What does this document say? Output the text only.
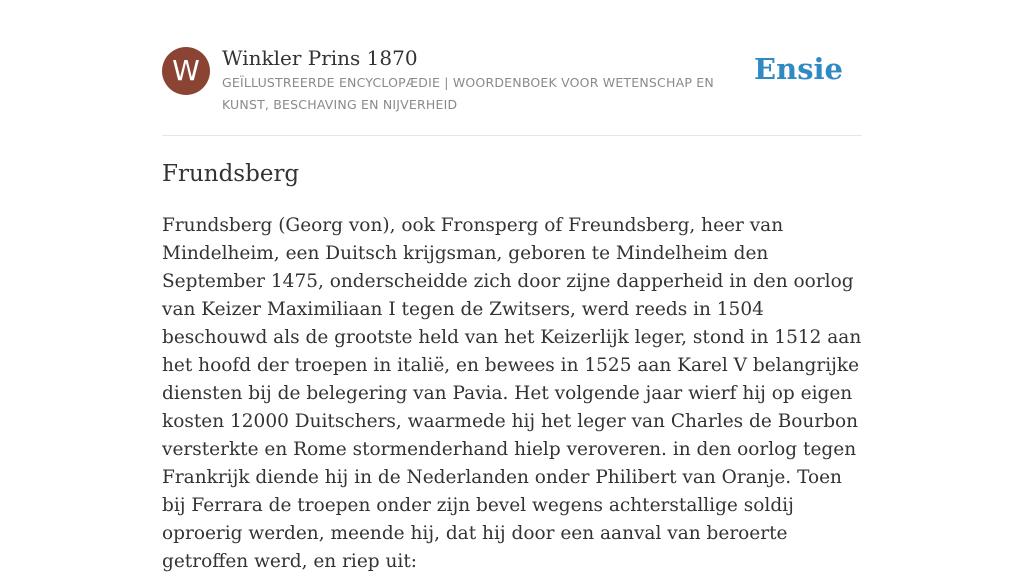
W	Winkler Prins 1870
GEÏLLUSTREERDE ENCYCLOPÆDIE | WOORDENBOEK VOOR WETENSCHAP EN KUNST, BESCHAVING EN NIJVERHEID
Ensie
Frundsberg

Frundsberg (Georg von), ook Fronsperg of Freundsberg, heer van Mindelheim, een Duitsch krijgsman, geboren te Mindelheim den September 1475, onderscheidde zich door zijne dapperheid in den oorlog van Keizer Maximiliaan I tegen de Zwitsers, werd reeds in 1504 beschouwd als de grootste held van het Keizerlijk leger, stond in 1512 aan het hoofd der troepen in italië, en bewees in 1525 aan Karel V belangrijke diensten bij de belegering van Pavia. Het volgende jaar wierf hij op eigen kosten 12000 Duitschers, waarmede hij het leger van Charles de Bourbon versterkte en Rome stormenderhand hielp veroveren. in den oorlog tegen Frankrijk diende hij in de Nederlanden onder Philibert van Oranje. Toen bij Ferrara de troepen onder zijn bevel wegens achterstallige soldij oproerig werden, meende hij, dat hij door een aanval van beroerte getroffen werd, en riep uit:
